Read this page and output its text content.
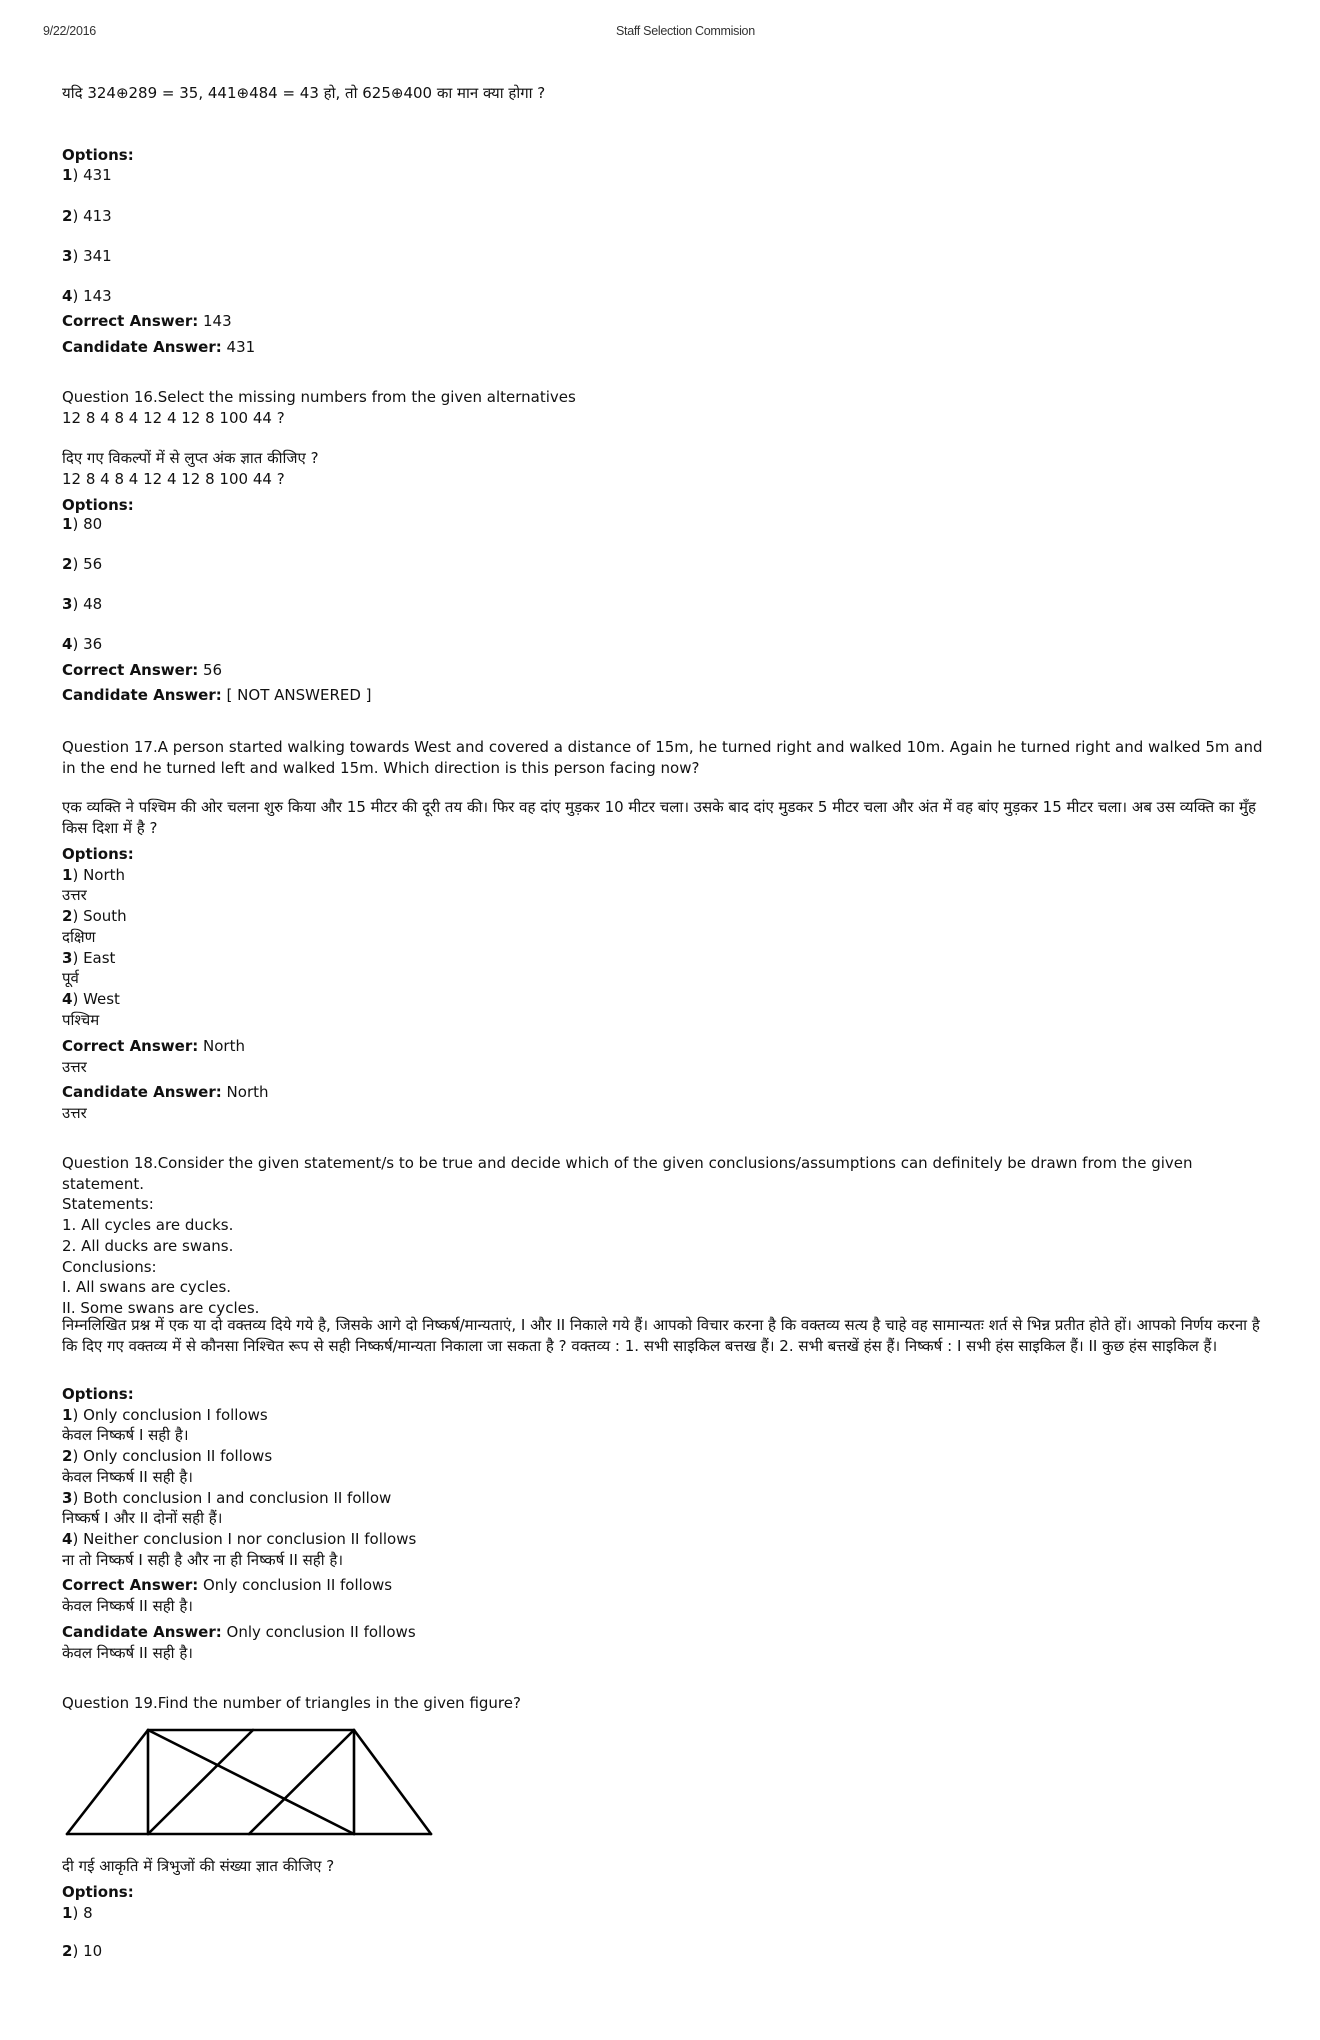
9/22/2016	Staff Selection Commision
यदि 324⊕289 = 35, 441⊕484 = 43 हो, तो 625⊕400 का मान क्या होगा ?
Options:
1) 431
2) 413
3) 341
4) 143
Correct Answer: 143
Candidate Answer: 431
Question 16.Select the missing numbers from the given alternatives
12 8 4 8 4 12 4 12 8 100 44 ?
दिए गए विकल्पों में से लुप्त अंक ज्ञात कीजिए ?
12 8 4 8 4 12 4 12 8 100 44 ?
Options:
1) 80
2) 56
3) 48
4) 36
Correct Answer: 56
Candidate Answer: [ NOT ANSWERED ]
Question 17.A person started walking towards West and covered a distance of 15m, he turned right and walked 10m. Again he turned right and walked 5m and in the end he turned left and walked 15m. Which direction is this person facing now?
एक व्यक्ति ने पश्चिम की ओर चलना शुरु किया और 15 मीटर की दूरी तय की। फिर वह दांए मुड़कर 10 मीटर चला। उसके बाद दांए मुडकर 5 मीटर चला और अंत में वह बांए मुड़कर 15 मीटर चला। अब उस व्यक्ति का मुँह किस दिशा में है ?
Options:
1) North
उत्तर
2) South
दक्षिण
3) East
पूर्व
4) West
पश्चिम
Correct Answer: North
उत्तर
Candidate Answer: North
उत्तर
Question 18.Consider the given statement/s to be true and decide which of the given conclusions/assumptions can definitely be drawn from the given statement.
Statements:
1. All cycles are ducks.
2. All ducks are swans.
Conclusions:
I. All swans are cycles.
II. Some swans are cycles.
निम्नलिखित प्रश्न में एक या दो वक्तव्य दिये गये है, जिसके आगे दो निष्कर्ष/मान्यताएं, I और II निकाले गये हैं। आपको विचार करना है कि वक्तव्य सत्य है चाहे वह सामान्यतः शर्त से भिन्न प्रतीत होते हों। आपको निर्णय करना है कि दिए गए वक्तव्य में से कौनसा निश्चित रूप से सही निष्कर्ष/मान्यता निकाला जा सकता है ? वक्तव्य : 1. सभी साइकिल बत्तख हैं। 2. सभी बत्तखें हंस हैं। निष्कर्ष : I सभी हंस साइकिल हैं। II कुछ हंस साइकिल हैं।
Options:
1) Only conclusion I follows
केवल निष्कर्ष I सही है।
2) Only conclusion II follows
केवल निष्कर्ष II सही है।
3) Both conclusion I and conclusion II follow
निष्कर्ष I और II दोनों सही हैं।
4) Neither conclusion I nor conclusion II follows
ना तो निष्कर्ष I सही है और ना ही निष्कर्ष II सही है।
Correct Answer: Only conclusion II follows
केवल निष्कर्ष II सही है।
Candidate Answer: Only conclusion II follows
केवल निष्कर्ष II सही है।
Question 19.Find the number of triangles in the given figure?
दी गई आकृति में त्रिभुजों की संख्या ज्ञात कीजिए ?
Options:
1) 8
2) 10
